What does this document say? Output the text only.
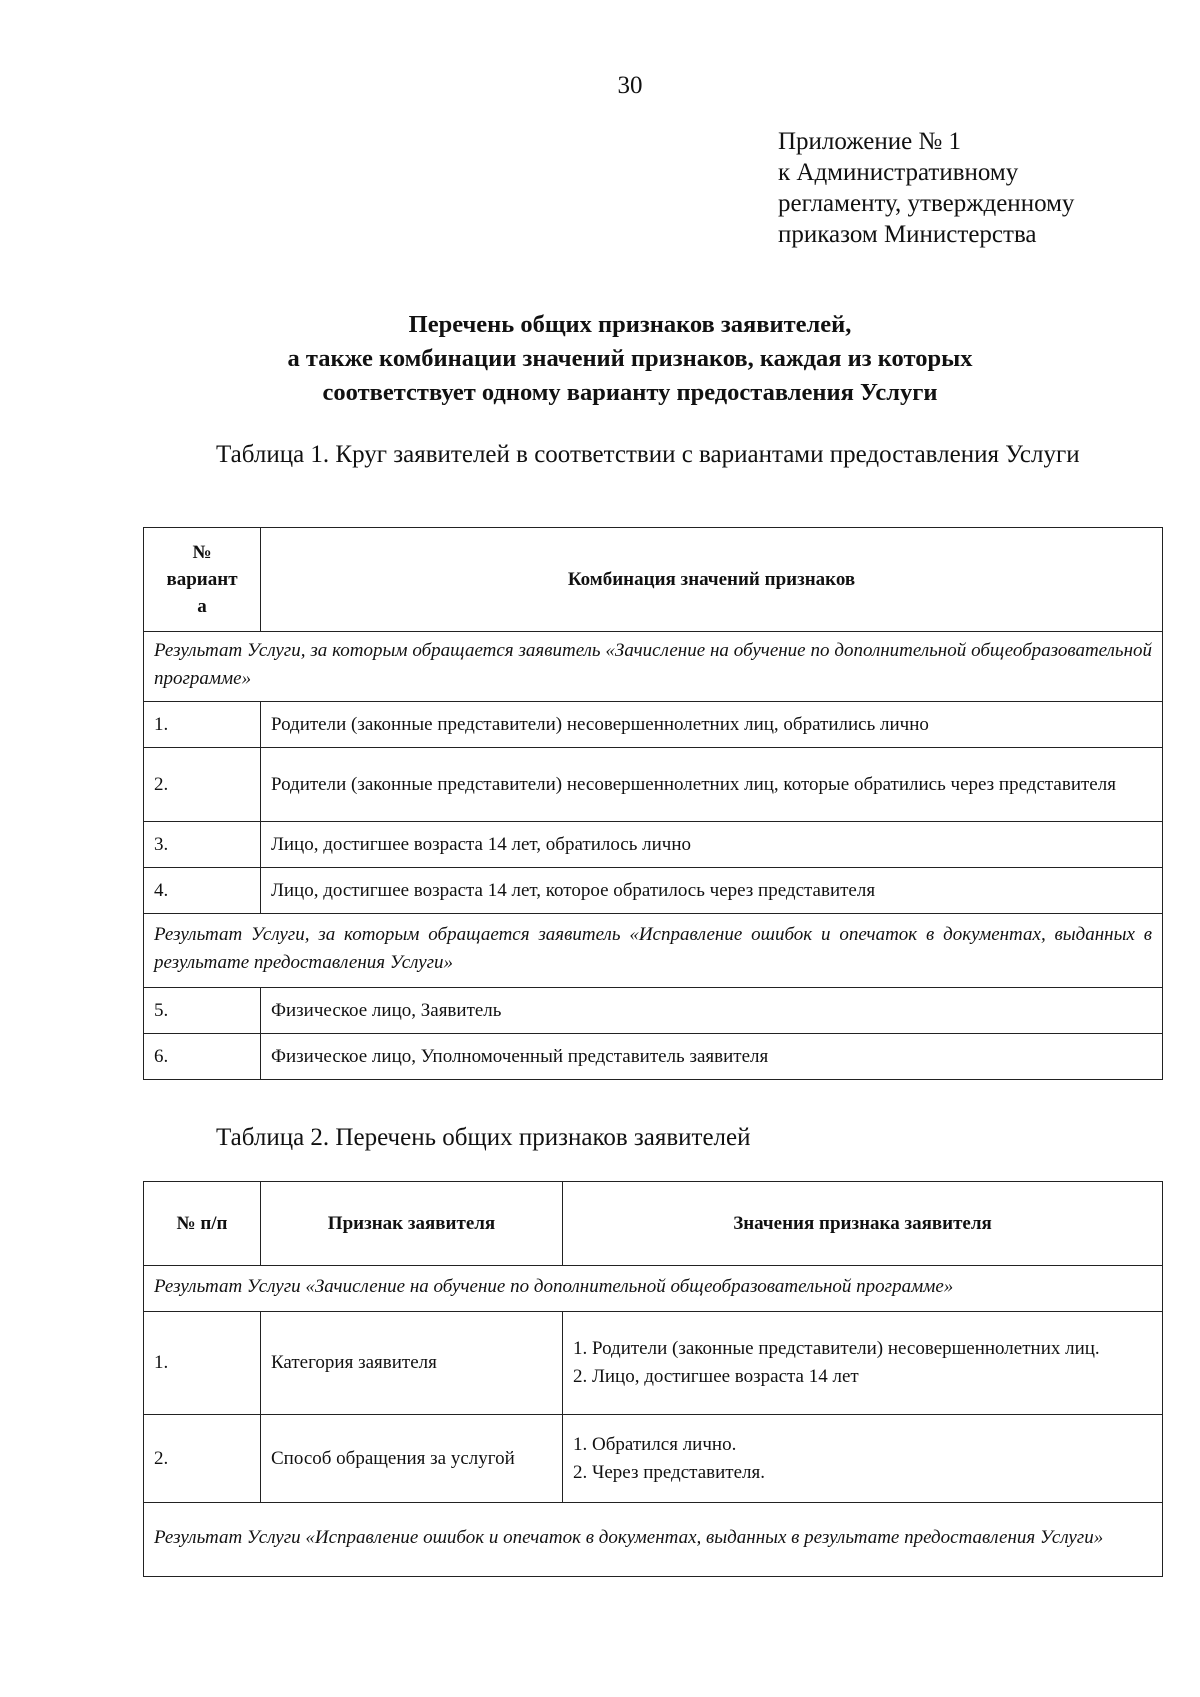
30
Приложение № 1
к Административному
регламенту, утвержденному
приказом Министерства
Перечень общих признаков заявителей,
а также комбинации значений признаков, каждая из которых
соответствует одному варианту предоставления Услуги
Таблица 1. Круг заявителей в соответствии с вариантами предоставления Услуги
№
вариант
а	Комбинация значений признаков
Результат Услуги, за которым обращается заявитель «Зачисление на обучение по дополнительной общеобразовательной программе»	
1.	Родители (законные представители) несовершеннолетних лиц, обратились лично
2.	Родители (законные представители) несовершеннолетних лиц, которые обратились через представителя
3.	Лицо, достигшее возраста 14 лет, обратилось лично
4.	Лицо, достигшее возраста 14 лет, которое обратилось через представителя
Результат Услуги, за которым обращается заявитель «Исправление ошибок и опечаток в документах, выданных в результате предоставления Услуги»	
5.	Физическое лицо, Заявитель
6.	Физическое лицо, Уполномоченный представитель заявителя
Таблица 2. Перечень общих признаков заявителей
№ п/п	Признак заявителя	Значения признака заявителя
Результат Услуги «Зачисление на обучение по дополнительной общеобразовательной программе»		
1.	Категория заявителя	1. Родители (законные представители) несовершеннолетних лиц.
2. Лицо, достигшее возраста 14 лет

2.	Способ обращения за услугой	1. Обратился лично.
2. Через представителя.

Результат Услуги «Исправление ошибок и опечаток в документах, выданных в результате предоставления Услуги»		
